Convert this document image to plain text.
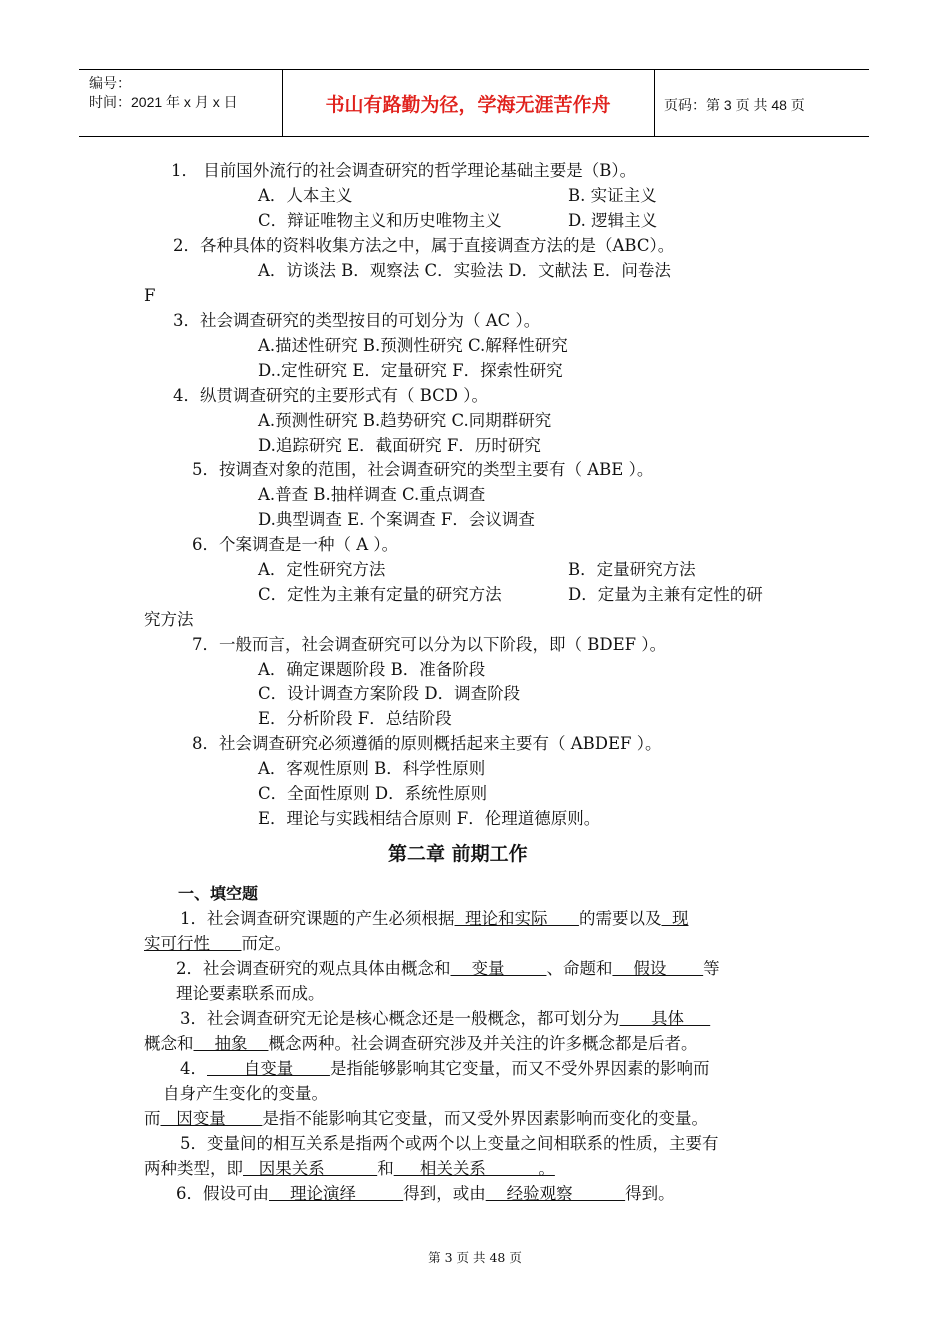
编号：
时间：2021 年 x 月 x 日	书山有路勤为径，学海无涯苦作舟	页码：第 3 页 共 48 页
1． 目前国外流行的社会调查研究的哲学理论基础主要是（B）。
A．人本主义	B. 实证主义
C．辩证唯物主义和历史唯物主义	D. 逻辑主义
2．各种具体的资料收集方法之中，属于直接调查方法的是（ABC）。
A．访谈法 B．观察法 C．实验法 D．文献法 E．问卷法
F
3．社会调查研究的类型按目的可划分为（ AC ）。
A.描述性研究 B.预测性研究 C.解释性研究
D..定性研究 E．定量研究 F．探索性研究
4．纵贯调查研究的主要形式有（ BCD ）。
A.预测性研究 B.趋势研究 C.同期群研究
D.追踪研究 E．截面研究 F．历时研究
5．按调查对象的范围，社会调查研究的类型主要有（ ABE ）。
A.普查 B.抽样调查 C.重点调查
D.典型调查 E. 个案调查 F．会议调查
6．个案调查是一种（ A ）。
A．定性研究方法	B．定量研究方法
C．定性为主兼有定量的研究方法	D．定量为主兼有定性的研
究方法
7．一般而言，社会调查研究可以分为以下阶段，即（ BDEF ）。
A．确定课题阶段 B．准备阶段
C．设计调查方案阶段 D．调查阶段
E．分析阶段 F．总结阶段
8．社会调查研究必须遵循的原则概括起来主要有（ ABDEF ）。
A．客观性原则 B．科学性原则
C．全面性原则 D．系统性原则
E．理论与实践相结合原则 F．伦理道德原则。
第二章 前期工作
一、填空题
1．社会调查研究课题的产生必须根据  理论和实际      的需要以及  现
实可行性      而定。
2．社会调查研究的观点具体由概念和    变量        、命题和    假设       等
理论要素联系而成。
3．社会调查研究无论是核心概念还是一般概念，都可划分为      具体
概念和    抽象    概念两种。社会调查研究涉及并关注的许多概念都是后者。
4．       自变量       是指能够影响其它变量，而又不受外界因素的影响而
自身产生变化的变量。
而   因变量       是指不能影响其它变量，而又受外界因素影响而变化的变量。
5．变量间的相互关系是指两个或两个以上变量之间相联系的性质，主要有
两种类型，即   因果关系          和     相关关系          。
6．假设可由    理论演绎         得到，或由    经验观察          得到。
第 3 页 共 48 页
